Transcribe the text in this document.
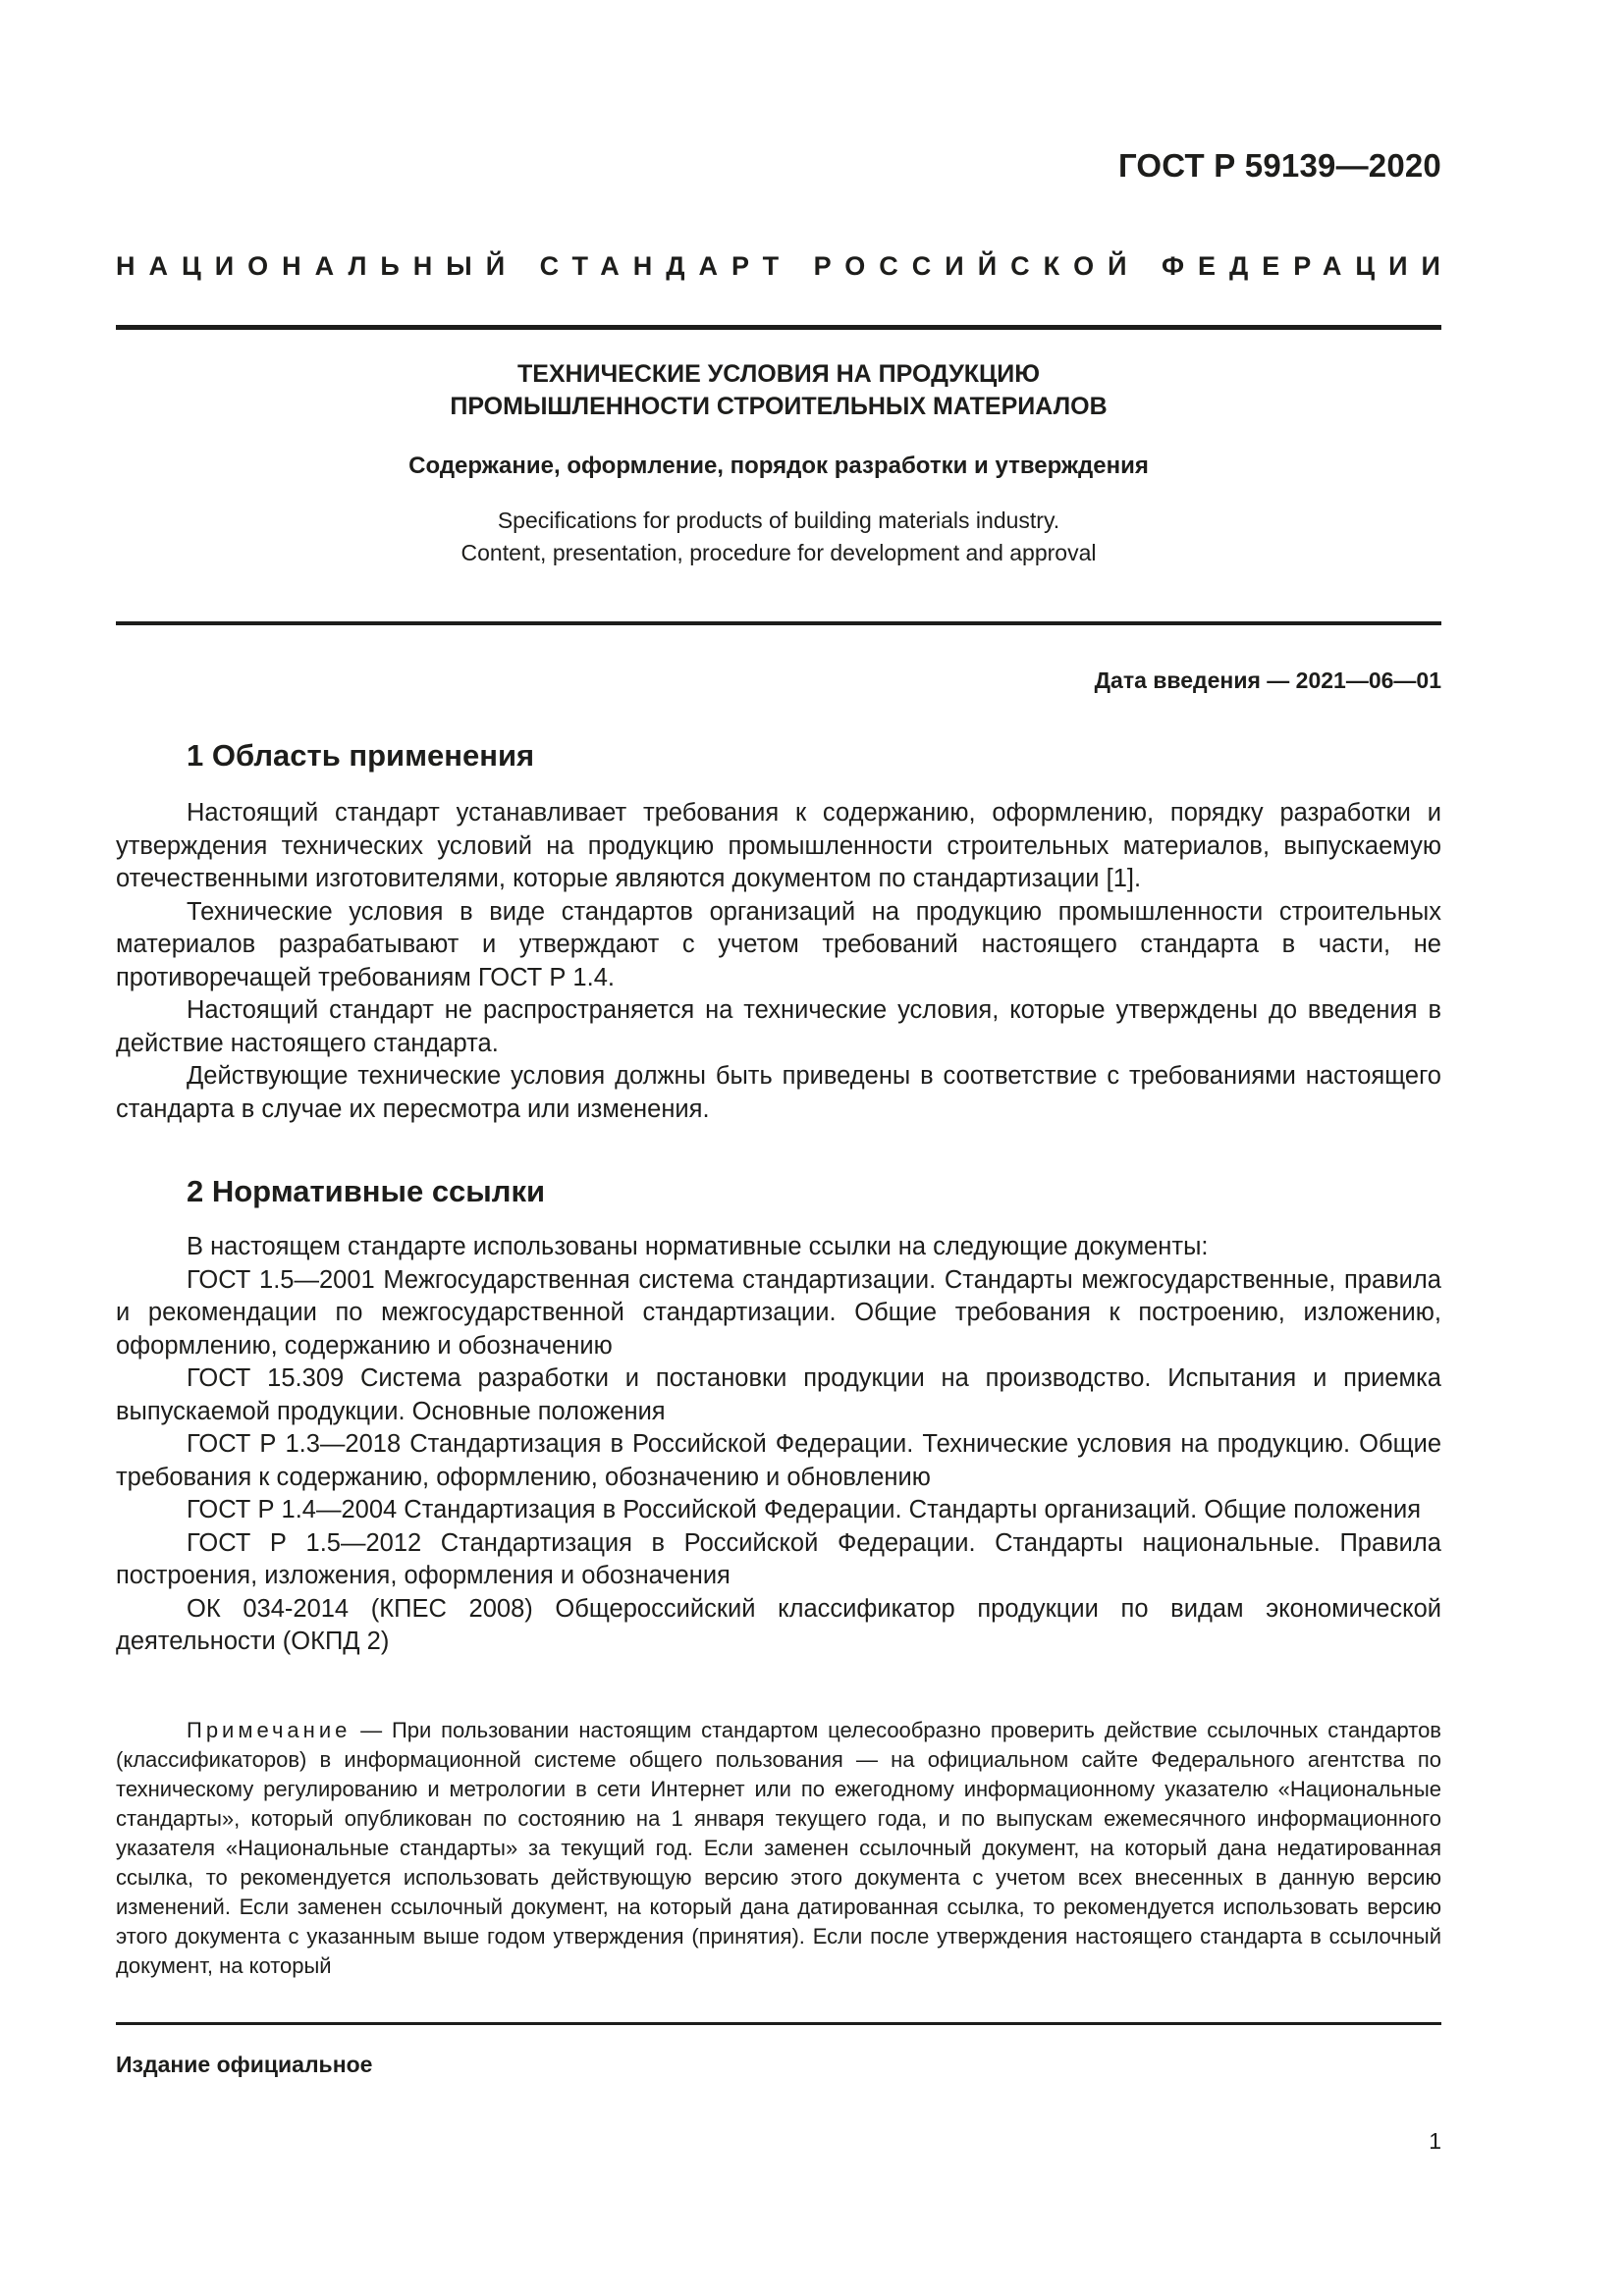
ГОСТ Р 59139—2020
НАЦИОНАЛЬНЫЙ СТАНДАРТ РОССИЙСКОЙ ФЕДЕРАЦИИ
ТЕХНИЧЕСКИЕ УСЛОВИЯ НА ПРОДУКЦИЮ
ПРОМЫШЛЕННОСТИ СТРОИТЕЛЬНЫХ МАТЕРИАЛОВ
Содержание, оформление, порядок разработки и утверждения
Specifications for products of building materials industry.
Content, presentation, procedure for development and approval
Дата введения — 2021—06—01
1 Область применения

Настоящий стандарт устанавливает требования к содержанию, оформлению, порядку разработки и утверждения технических условий на продукцию промышленности строительных материалов, выпускаемую отечественными изготовителями, которые являются документом по стандартизации [1].

Технические условия в виде стандартов организаций на продукцию промышленности строительных материалов разрабатывают и утверждают с учетом требований настоящего стандарта в части, не противоречащей требованиям ГОСТ Р 1.4.

Настоящий стандарт не распространяется на технические условия, которые утверждены до введения в действие настоящего стандарта.

Действующие технические условия должны быть приведены в соответствие с требованиями настоящего стандарта в случае их пересмотра или изменения.

2 Нормативные ссылки

В настоящем стандарте использованы нормативные ссылки на следующие документы:

ГОСТ 1.5—2001 Межгосударственная система стандартизации. Стандарты межгосударственные, правила и рекомендации по межгосударственной стандартизации. Общие требования к построению, изложению, оформлению, содержанию и обозначению

ГОСТ 15.309 Система разработки и постановки продукции на производство. Испытания и приемка выпускаемой продукции. Основные положения

ГОСТ Р 1.3—2018 Стандартизация в Российской Федерации. Технические условия на продукцию. Общие требования к содержанию, оформлению, обозначению и обновлению

ГОСТ Р 1.4—2004 Стандартизация в Российской Федерации. Стандарты организаций. Общие положения

ГОСТ Р 1.5—2012 Стандартизация в Российской Федерации. Стандарты национальные. Правила построения, изложения, оформления и обозначения

ОК 034-2014 (КПЕС 2008) Общероссийский классификатор продукции по видам экономической деятельности (ОКПД 2)

Примечание — При пользовании настоящим стандартом целесообразно проверить действие ссылочных стандартов (классификаторов) в информационной системе общего пользования — на официальном сайте Федерального агентства по техническому регулированию и метрологии в сети Интернет или по ежегодному информационному указателю «Национальные стандарты», который опубликован по состоянию на 1 января текущего года, и по выпускам ежемесячного информационного указателя «Национальные стандарты» за текущий год. Если заменен ссылочный документ, на который дана недатированная ссылка, то рекомендуется использовать действующую версию этого документа с учетом всех внесенных в данную версию изменений. Если заменен ссылочный документ, на который дана датированная ссылка, то рекомендуется использовать версию этого документа с указанным выше годом утверждения (принятия). Если после утверждения настоящего стандарта в ссылочный документ, на который

Издание официальное
1
